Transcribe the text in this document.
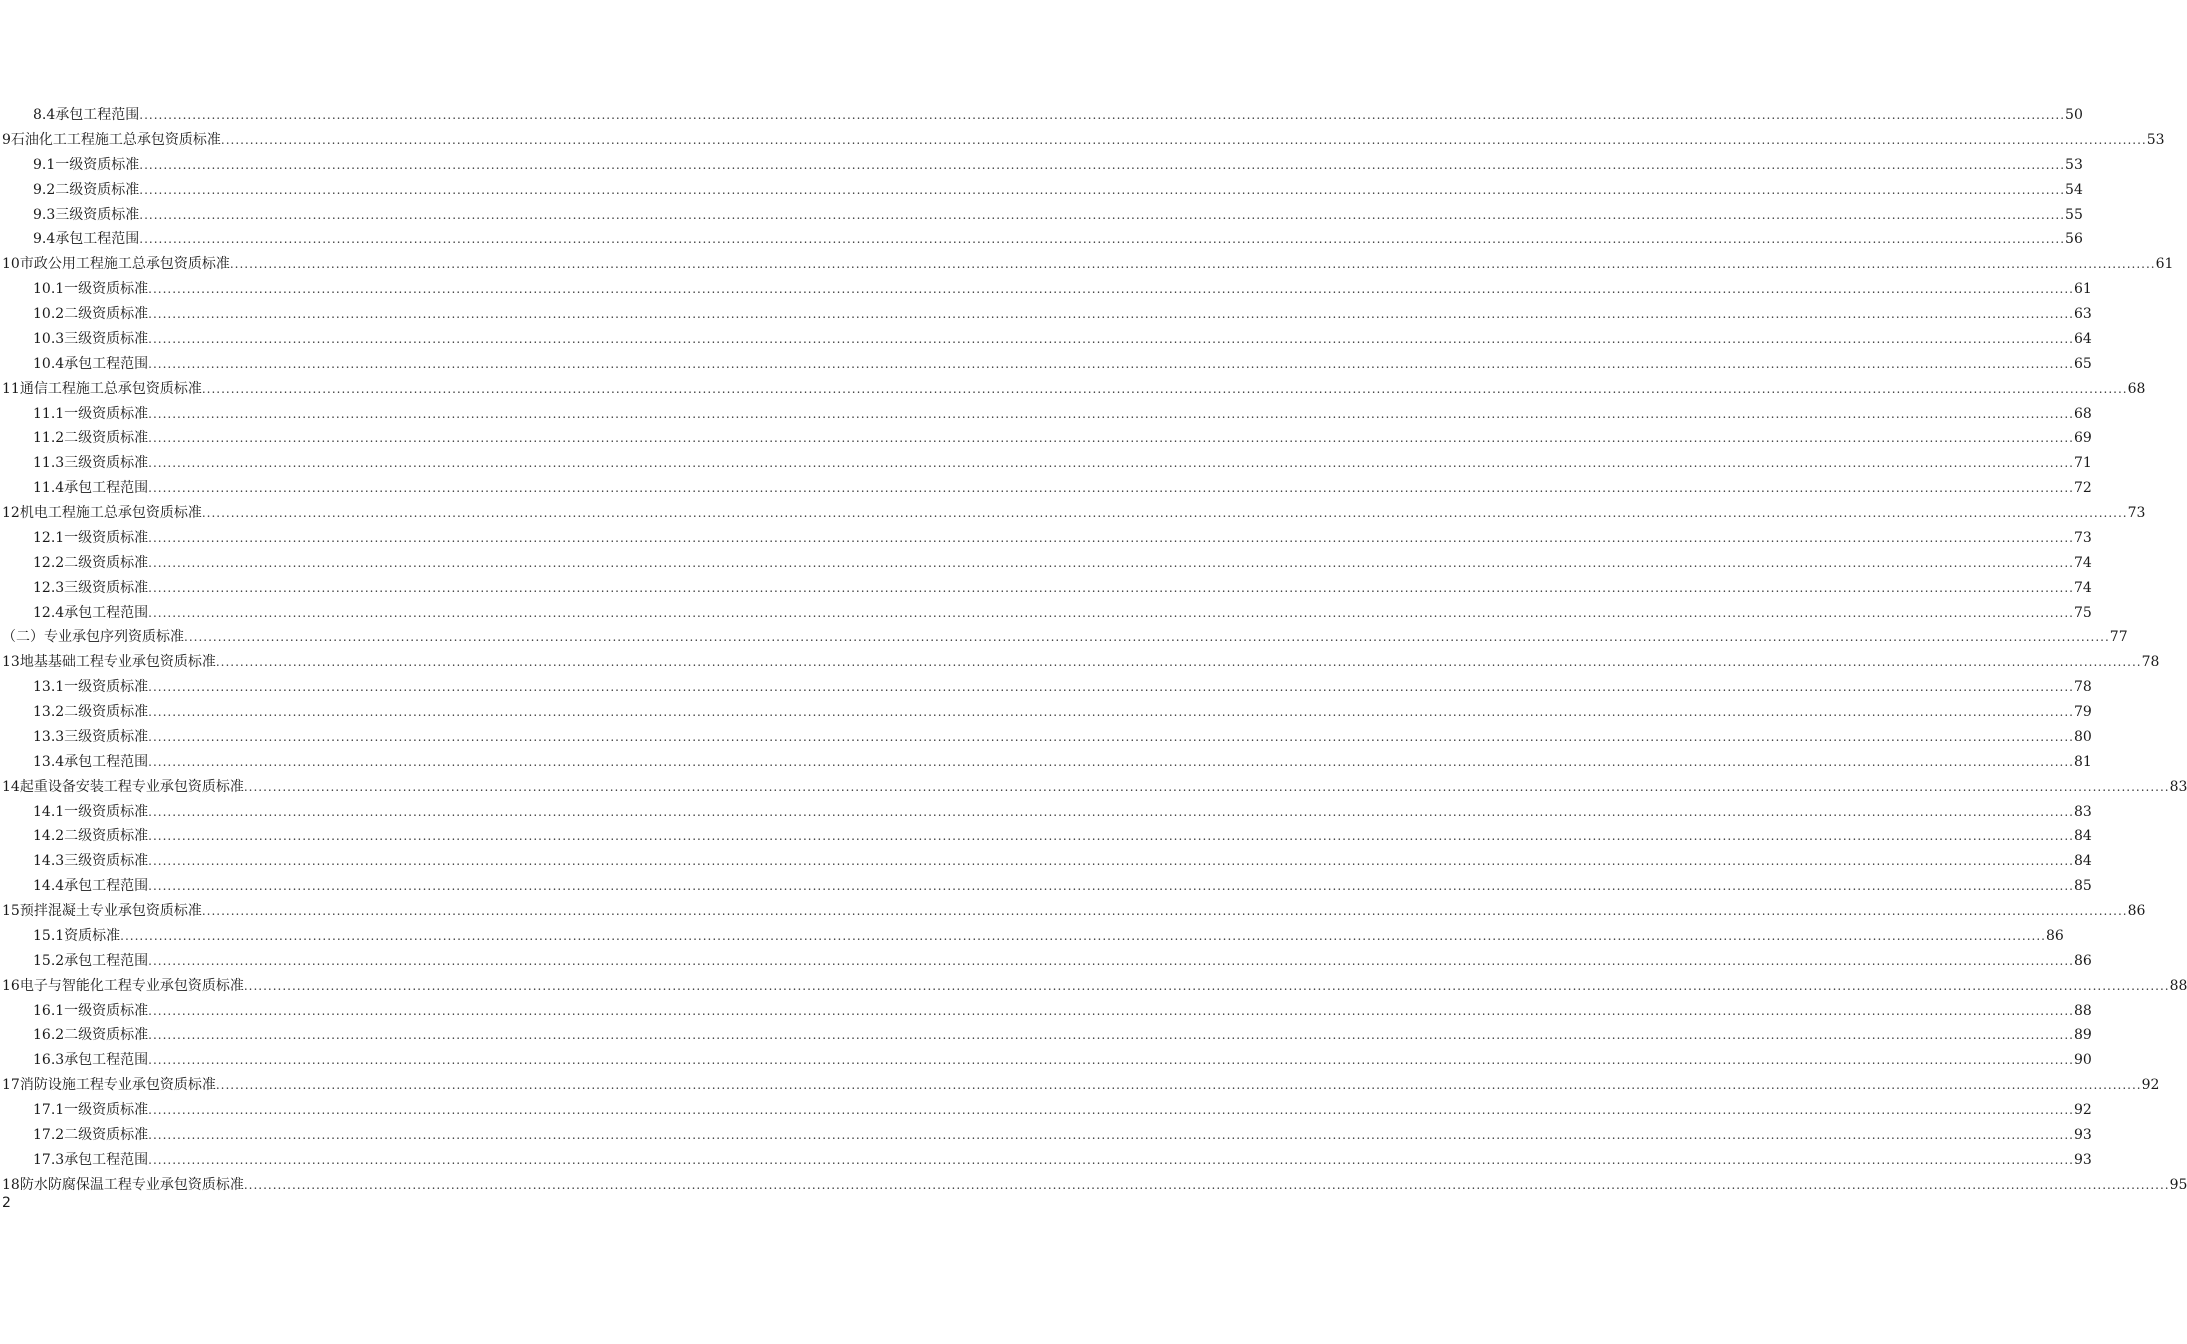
8.4承包工程范围 ................................................................................................................................................................................................................................................................................................................................................................................................................ 50
9石油化工工程施工总承包资质标准 ................................................................................................................................................................................................................................................................................................................................................................................................................ 53
9.1一级资质标准 ................................................................................................................................................................................................................................................................................................................................................................................................................ 53
9.2二级资质标准 ................................................................................................................................................................................................................................................................................................................................................................................................................ 54
9.3三级资质标准 ................................................................................................................................................................................................................................................................................................................................................................................................................ 55
9.4承包工程范围 ................................................................................................................................................................................................................................................................................................................................................................................................................ 56
10市政公用工程施工总承包资质标准 ................................................................................................................................................................................................................................................................................................................................................................................................................ 61
10.1一级资质标准 ................................................................................................................................................................................................................................................................................................................................................................................................................ 61
10.2二级资质标准 ................................................................................................................................................................................................................................................................................................................................................................................................................ 63
10.3三级资质标准 ................................................................................................................................................................................................................................................................................................................................................................................................................ 64
10.4承包工程范围 ................................................................................................................................................................................................................................................................................................................................................................................................................ 65
11通信工程施工总承包资质标准 ................................................................................................................................................................................................................................................................................................................................................................................................................ 68
11.1一级资质标准 ................................................................................................................................................................................................................................................................................................................................................................................................................ 68
11.2二级资质标准 ................................................................................................................................................................................................................................................................................................................................................................................................................ 69
11.3三级资质标准 ................................................................................................................................................................................................................................................................................................................................................................................................................ 71
11.4承包工程范围 ................................................................................................................................................................................................................................................................................................................................................................................................................ 72
12机电工程施工总承包资质标准 ................................................................................................................................................................................................................................................................................................................................................................................................................ 73
12.1一级资质标准 ................................................................................................................................................................................................................................................................................................................................................................................................................ 73
12.2二级资质标准 ................................................................................................................................................................................................................................................................................................................................................................................................................ 74
12.3三级资质标准 ................................................................................................................................................................................................................................................................................................................................................................................................................ 74
12.4承包工程范围 ................................................................................................................................................................................................................................................................................................................................................................................................................ 75
（二）专业承包序列资质标准 ................................................................................................................................................................................................................................................................................................................................................................................................................ 77
13地基基础工程专业承包资质标准 ................................................................................................................................................................................................................................................................................................................................................................................................................ 78
13.1一级资质标准 ................................................................................................................................................................................................................................................................................................................................................................................................................ 78
13.2二级资质标准 ................................................................................................................................................................................................................................................................................................................................................................................................................ 79
13.3三级资质标准 ................................................................................................................................................................................................................................................................................................................................................................................................................ 80
13.4承包工程范围 ................................................................................................................................................................................................................................................................................................................................................................................................................ 81
14起重设备安装工程专业承包资质标准 ................................................................................................................................................................................................................................................................................................................................................................................................................ 83
14.1一级资质标准 ................................................................................................................................................................................................................................................................................................................................................................................................................ 83
14.2二级资质标准 ................................................................................................................................................................................................................................................................................................................................................................................................................ 84
14.3三级资质标准 ................................................................................................................................................................................................................................................................................................................................................................................................................ 84
14.4承包工程范围 ................................................................................................................................................................................................................................................................................................................................................................................................................ 85
15预拌混凝土专业承包资质标准 ................................................................................................................................................................................................................................................................................................................................................................................................................ 86
15.1资质标准 ................................................................................................................................................................................................................................................................................................................................................................................................................ 86
15.2承包工程范围 ................................................................................................................................................................................................................................................................................................................................................................................................................ 86
16电子与智能化工程专业承包资质标准 ................................................................................................................................................................................................................................................................................................................................................................................................................ 88
16.1一级资质标准 ................................................................................................................................................................................................................................................................................................................................................................................................................ 88
16.2二级资质标准 ................................................................................................................................................................................................................................................................................................................................................................................................................ 89
16.3承包工程范围 ................................................................................................................................................................................................................................................................................................................................................................................................................ 90
17消防设施工程专业承包资质标准 ................................................................................................................................................................................................................................................................................................................................................................................................................ 92
17.1一级资质标准 ................................................................................................................................................................................................................................................................................................................................................................................................................ 92
17.2二级资质标准 ................................................................................................................................................................................................................................................................................................................................................................................................................ 93
17.3承包工程范围 ................................................................................................................................................................................................................................................................................................................................................................................................................ 93
18防水防腐保温工程专业承包资质标准 ................................................................................................................................................................................................................................................................................................................................................................................................................ 95
2
